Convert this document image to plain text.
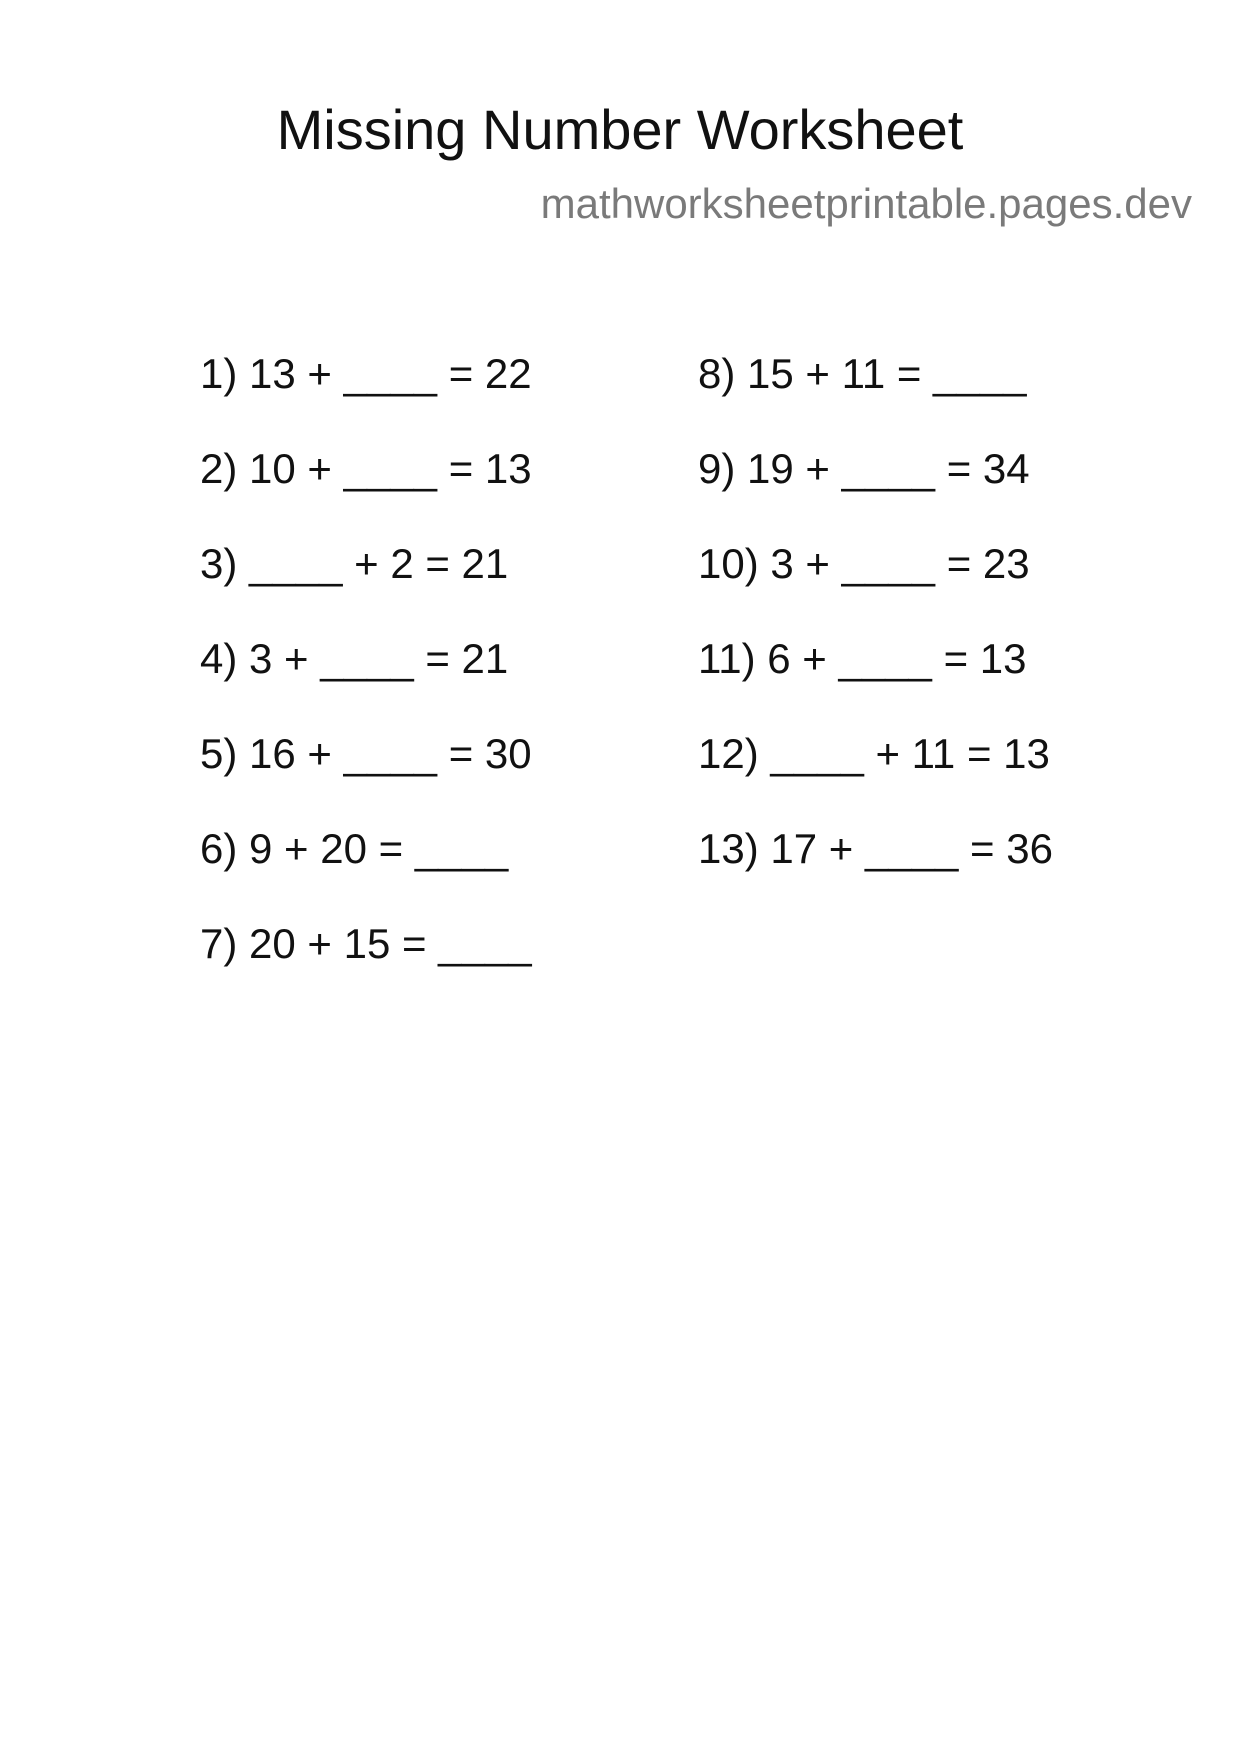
Missing Number Worksheet

mathworksheetprintable.pages.dev

1) 13 + ____ = 22
2) 10 + ____ = 13
3) ____ + 2 = 21
4) 3 + ____ = 21
5) 16 + ____ = 30
6) 9 + 20 = ____
7) 20 + 15 = ____
8) 15 + 11 = ____
9) 19 + ____ = 34
10) 3 + ____ = 23
11) 6 + ____ = 13
12) ____ + 11 = 13
13) 17 + ____ = 36
